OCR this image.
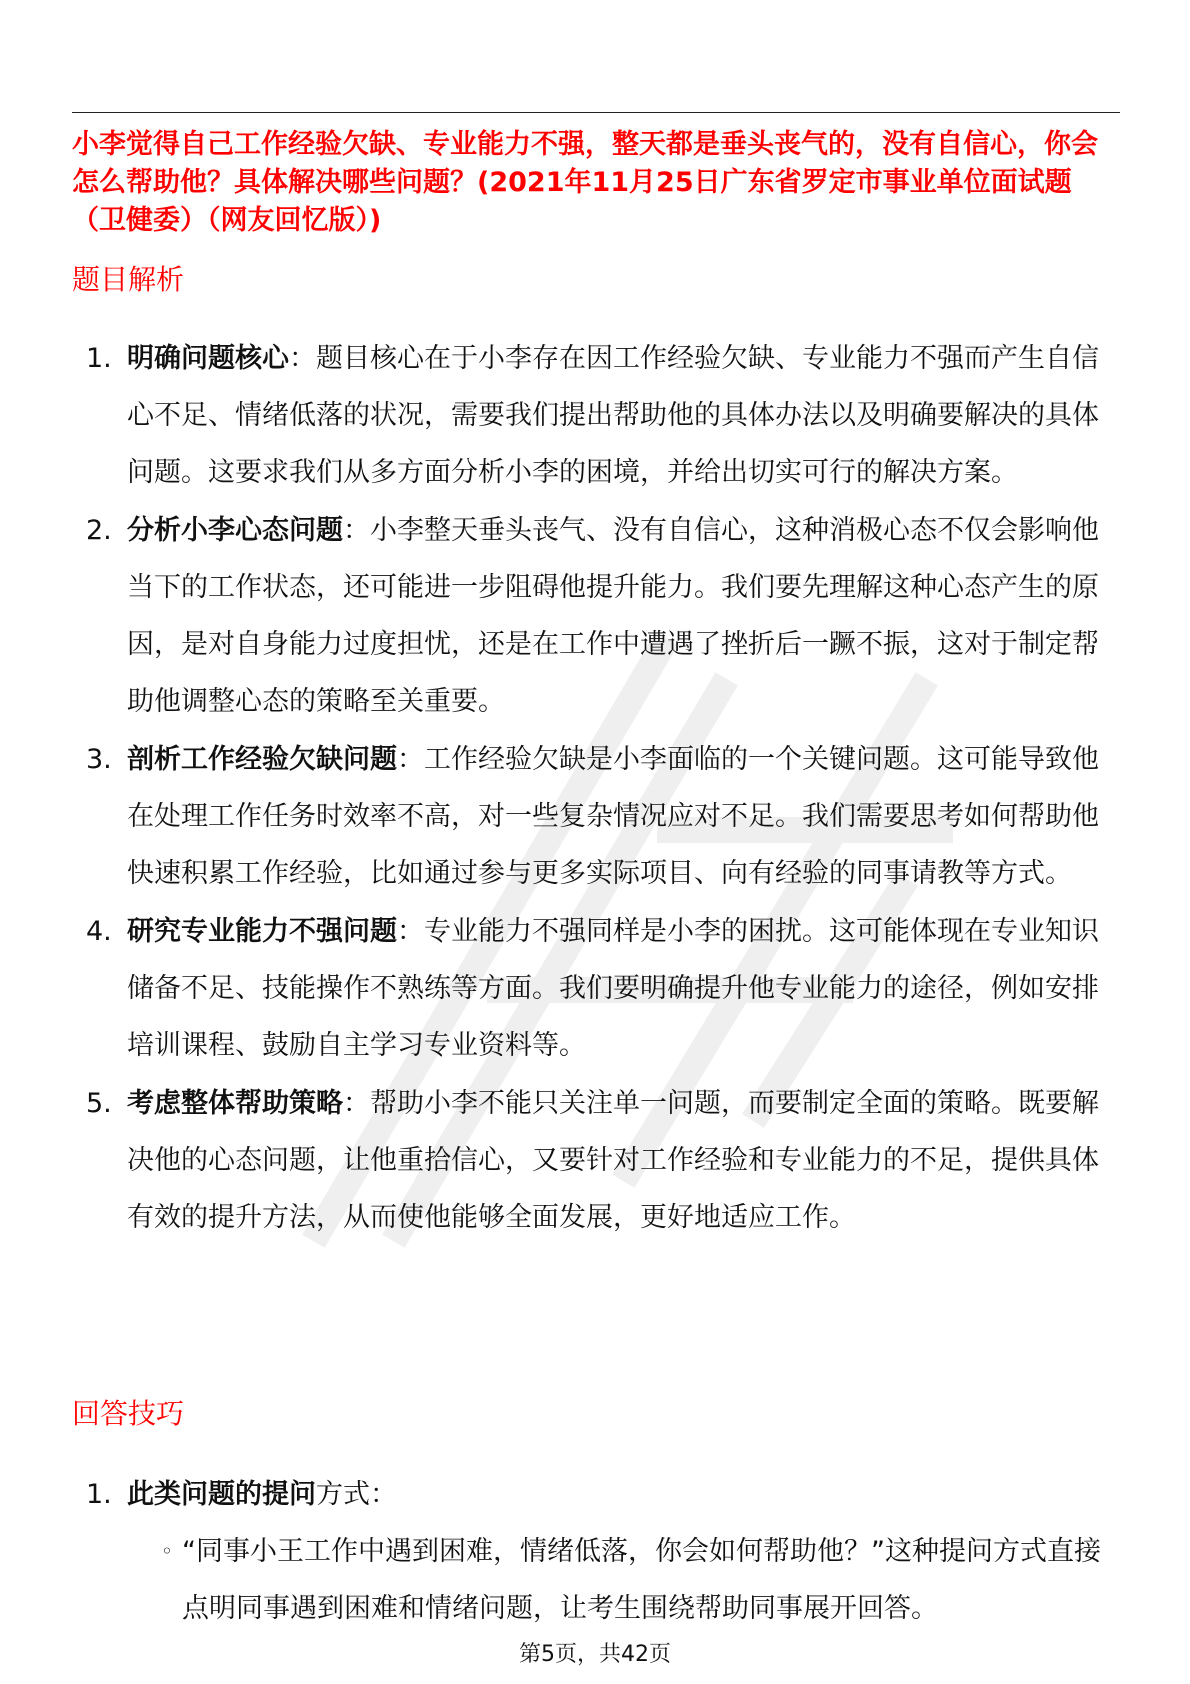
小李觉得自己工作经验欠缺、专业能力不强，整天都是垂头丧气的，没有自信心，你会怎么帮助他？具体解决哪些问题？(2021年11月25日广东省罗定市事业单位面试题（卫健委）（网友回忆版）)
题目解析
1. 明确问题核心：题目核心在于小李存在因工作经验欠缺、专业能力不强而产生自信心不足、情绪低落的状况，需要我们提出帮助他的具体办法以及明确要解决的具体问题。这要求我们从多方面分析小李的困境，并给出切实可行的解决方案。
2. 分析小李心态问题：小李整天垂头丧气、没有自信心，这种消极心态不仅会影响他当下的工作状态，还可能进一步阻碍他提升能力。我们要先理解这种心态产生的原因，是对自身能力过度担忧，还是在工作中遭遇了挫折后一蹶不振，这对于制定帮助他调整心态的策略至关重要。
3. 剖析工作经验欠缺问题：工作经验欠缺是小李面临的一个关键问题。这可能导致他在处理工作任务时效率不高，对一些复杂情况应对不足。我们需要思考如何帮助他快速积累工作经验，比如通过参与更多实际项目、向有经验的同事请教等方式。
4. 研究专业能力不强问题：专业能力不强同样是小李的困扰。这可能体现在专业知识储备不足、技能操作不熟练等方面。我们要明确提升他专业能力的途径，例如安排培训课程、鼓励自主学习专业资料等。
5. 考虑整体帮助策略：帮助小李不能只关注单一问题，而要制定全面的策略。既要解决他的心态问题，让他重拾信心，又要针对工作经验和专业能力的不足，提供具体有效的提升方法，从而使他能够全面发展，更好地适应工作。
回答技巧
1. 此类问题的提问方式：
◦ “同事小王工作中遇到困难，情绪低落，你会如何帮助他？”这种提问方式直接点明同事遇到困难和情绪问题，让考生围绕帮助同事展开回答。
第5页，共42页
